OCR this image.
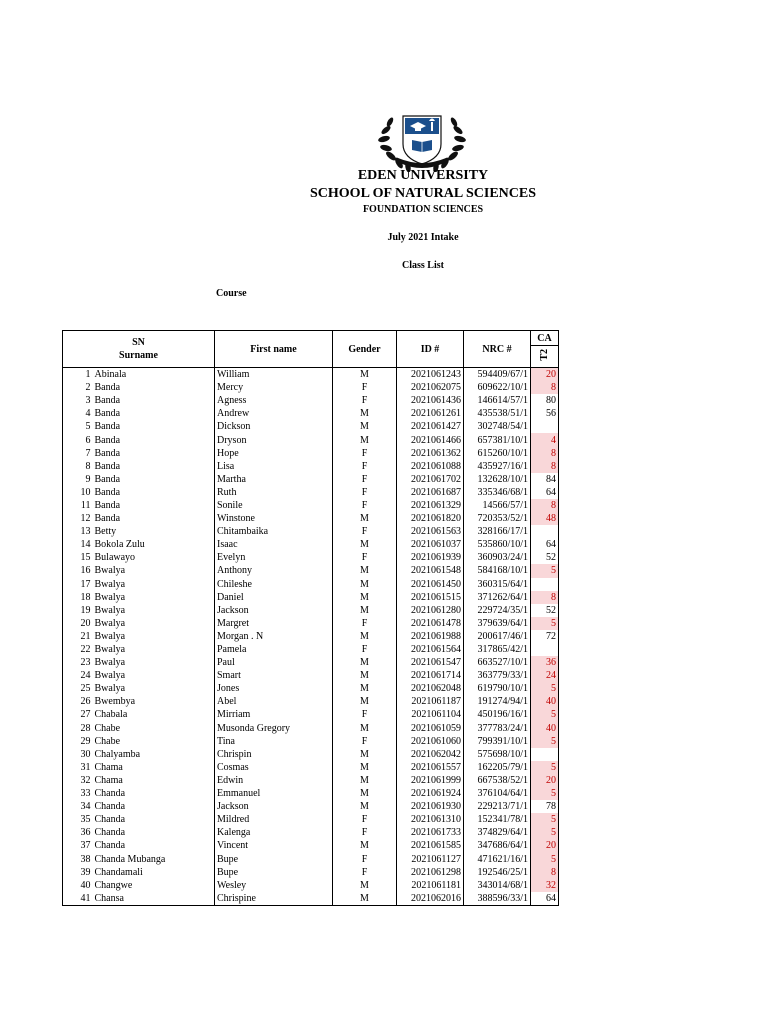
EDEN UNIVERSITY
SCHOOL OF NATURAL SCIENCES
FOUNDATION SCIENCES
July 2021 Intake
Class List
Course
SNSurname		First name	Gender	ID #	NRC #	CA
						T2
1	Abinala	William	M	2021061243	594409/67/1	20
2	Banda	Mercy	F	2021062075	609622/10/1	8
3	Banda	Agness	F	2021061436	146614/57/1	80
4	Banda	Andrew	M	2021061261	435538/51/1	56
5	Banda	Dickson	M	2021061427	302748/54/1	
6	Banda	Dryson	M	2021061466	657381/10/1	4
7	Banda	Hope	F	2021061362	615260/10/1	8
8	Banda	Lisa	F	2021061088	435927/16/1	8
9	Banda	Martha	F	2021061702	132628/10/1	84
10	Banda	Ruth	F	2021061687	335346/68/1	64
11	Banda	Sonile	F	2021061329	14566/57/1	8
12	Banda	Winstone	M	2021061820	720353/52/1	48
13	Betty	Chitambaika	F	2021061563	328166/17/1	
14	Bokola Zulu	Isaac	M	2021061037	535860/10/1	64
15	Bulawayo	Evelyn	F	2021061939	360903/24/1	52
16	Bwalya	Anthony	M	2021061548	584168/10/1	5
17	Bwalya	Chileshe	M	2021061450	360315/64/1	
18	Bwalya	Daniel	M	2021061515	371262/64/1	8
19	Bwalya	Jackson	M	2021061280	229724/35/1	52
20	Bwalya	Margret	F	2021061478	379639/64/1	5
21	Bwalya	Morgan . N	M	2021061988	200617/46/1	72
22	Bwalya	Pamela	F	2021061564	317865/42/1	
23	Bwalya	Paul	M	2021061547	663527/10/1	36
24	Bwalya	Smart	M	2021061714	363779/33/1	24
25	Bwalya	Jones	M	2021062048	619790/10/1	5
26	Bwembya	Abel	M	2021061187	191274/94/1	40
27	Chabala	Mirriam	F	2021061104	450196/16/1	5
28	Chabe	Musonda Gregory	M	2021061059	377783/24/1	40
29	Chabe	Tina	F	2021061060	799391/10/1	5
30	Chalyamba	Chrispin	M	2021062042	575698/10/1	
31	Chama	Cosmas	M	2021061557	162205/79/1	5
32	Chama	Edwin	M	2021061999	667538/52/1	20
33	Chanda	Emmanuel	M	2021061924	376104/64/1	5
34	Chanda	Jackson	M	2021061930	229213/71/1	78
35	Chanda	Mildred	F	2021061310	152341/78/1	5
36	Chanda	Kalenga	F	2021061733	374829/64/1	5
37	Chanda	Vincent	M	2021061585	347686/64/1	20
38	Chanda Mubanga	Bupe	F	2021061127	471621/16/1	5
39	Chandamali	Bupe	F	2021061298	192546/25/1	8
40	Changwe	Wesley	M	2021061181	343014/68/1	32
41	Chansa	Chrispine	M	2021062016	388596/33/1	64
